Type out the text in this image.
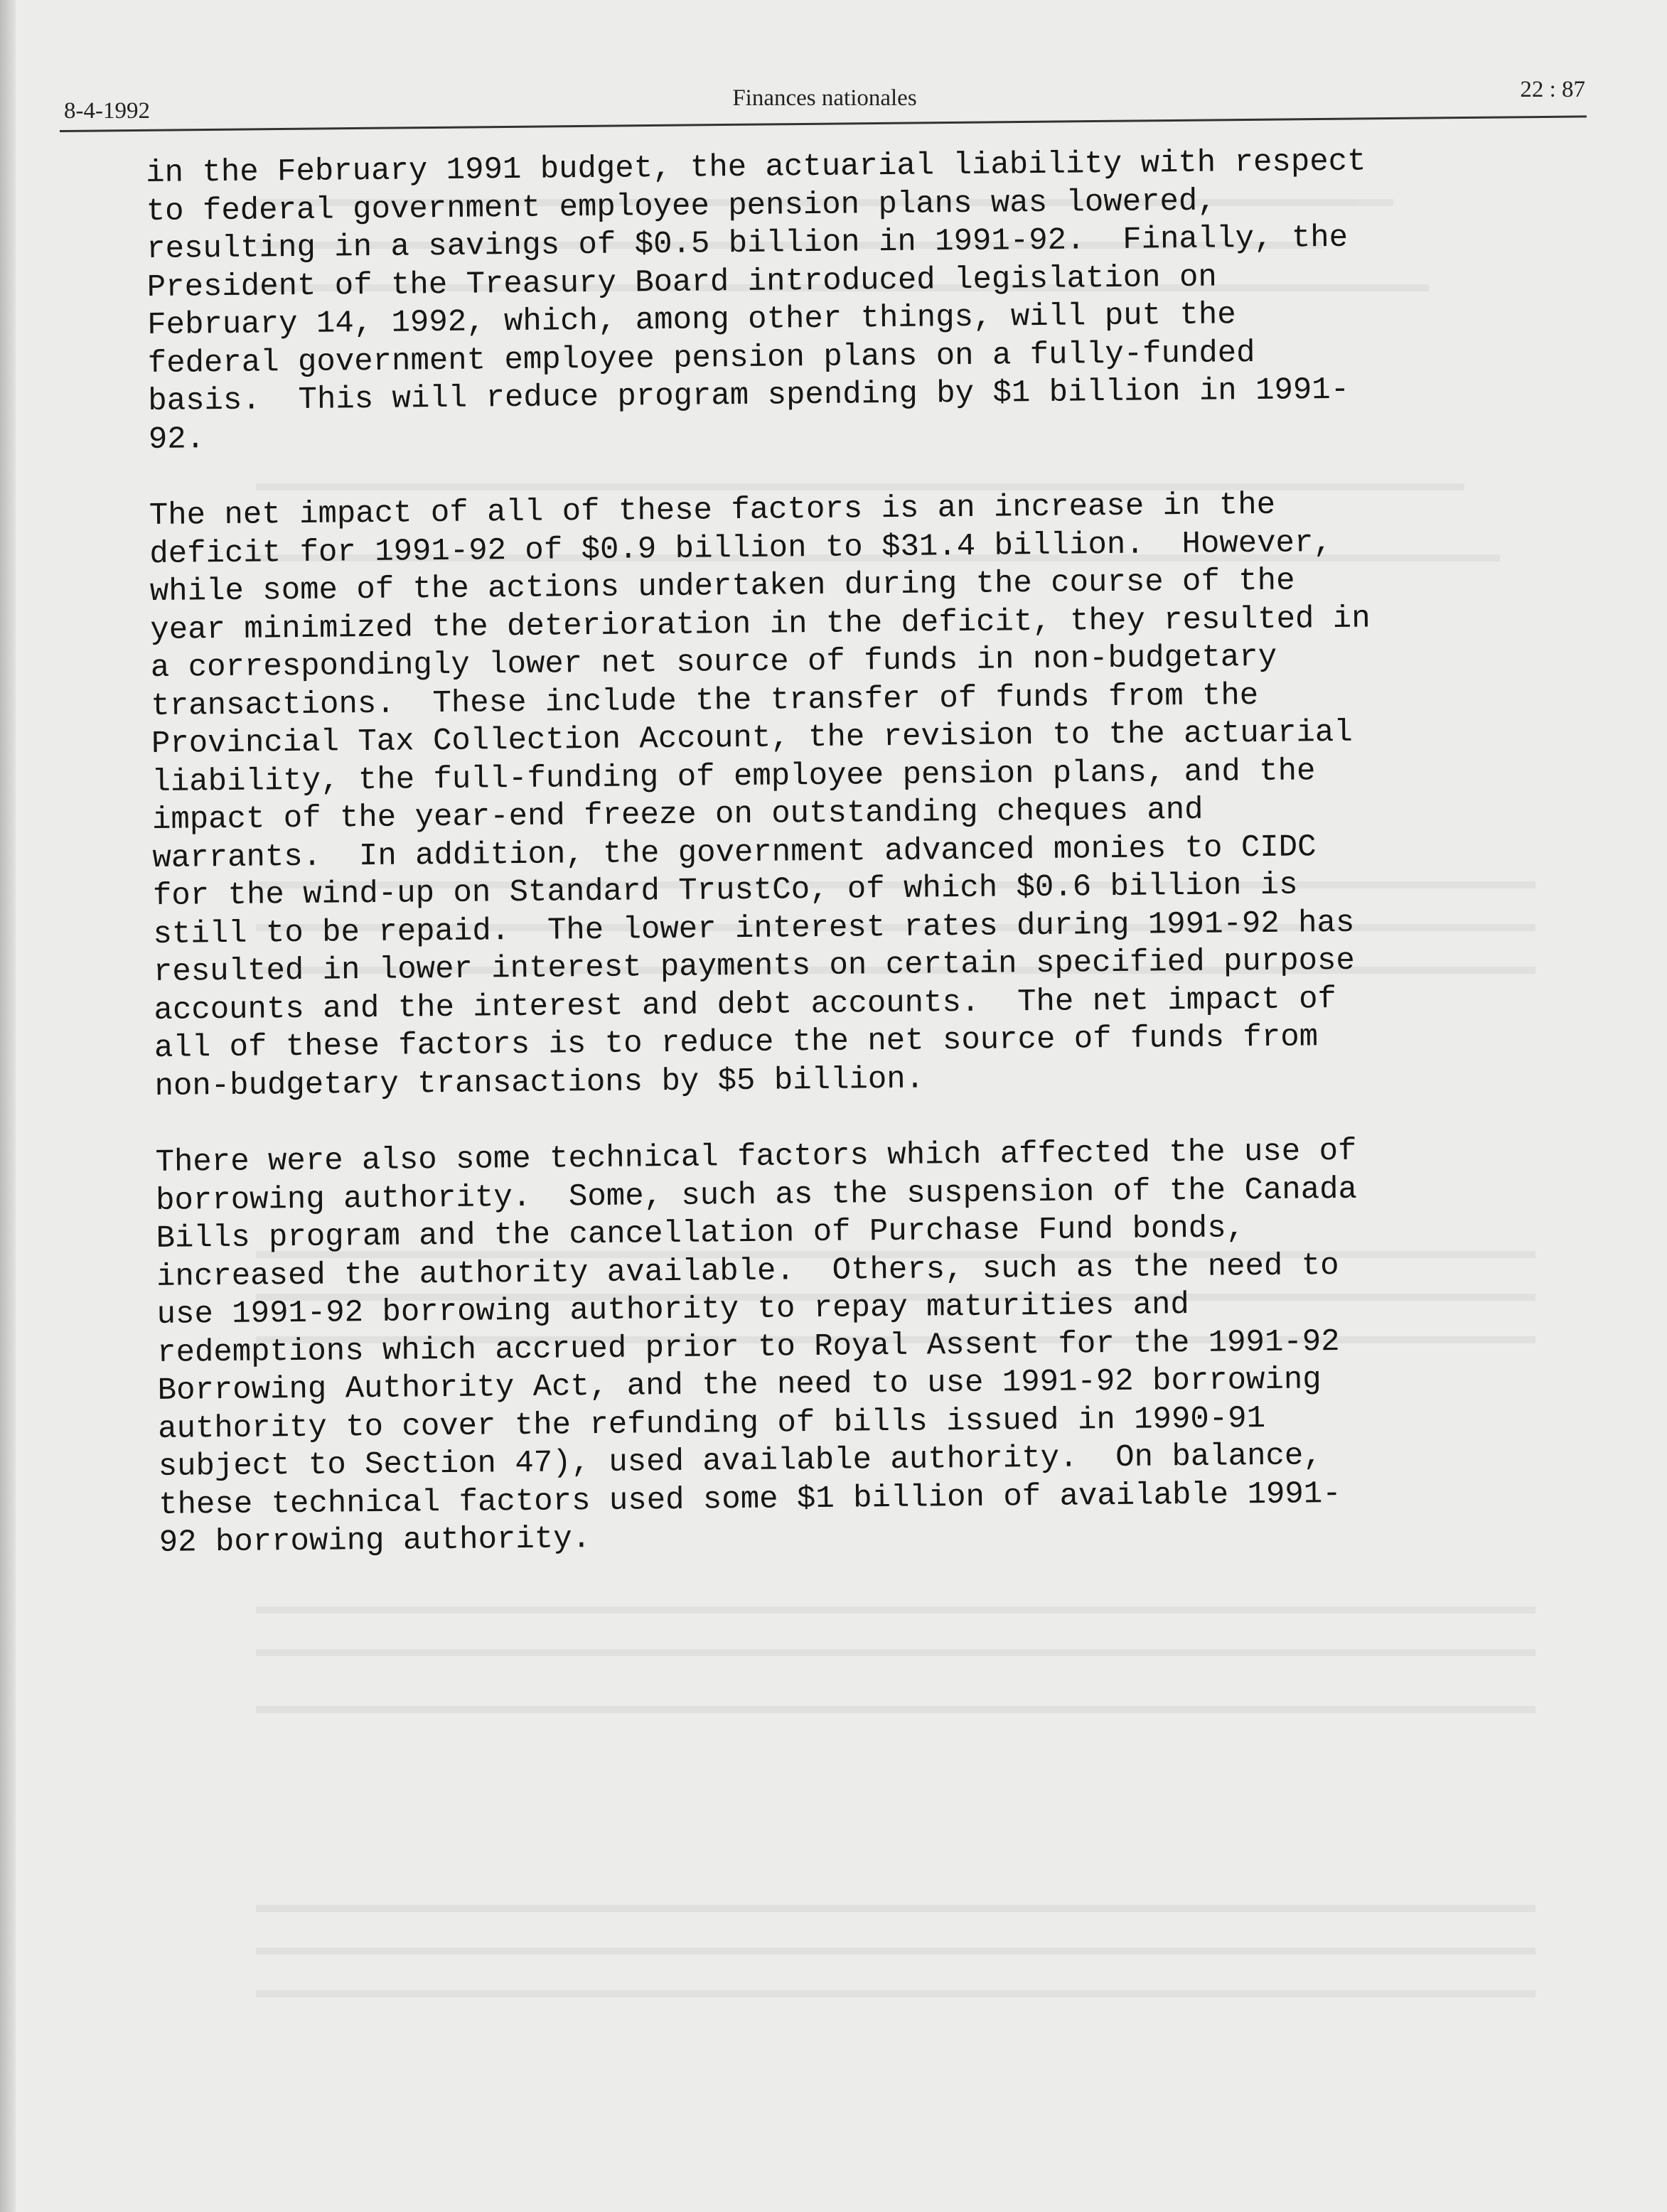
8-4-1992	Finances nationales	22 : 87

in the February 1991 budget, the actuarial liability with respect
to federal government employee pension plans was lowered,
resulting in a savings of $0.5 billion in 1991-92.  Finally, the
President of the Treasury Board introduced legislation on
February 14, 1992, which, among other things, will put the
federal government employee pension plans on a fully-funded
basis.  This will reduce program spending by $1 billion in 1991-
92.

The net impact of all of these factors is an increase in the
deficit for 1991-92 of $0.9 billion to $31.4 billion.  However,
while some of the actions undertaken during the course of the
year minimized the deterioration in the deficit, they resulted in
a correspondingly lower net source of funds in non-budgetary
transactions.  These include the transfer of funds from the
Provincial Tax Collection Account, the revision to the actuarial
liability, the full-funding of employee pension plans, and the
impact of the year-end freeze on outstanding cheques and
warrants.  In addition, the government advanced monies to CIDC
for the wind-up on Standard TrustCo, of which $0.6 billion is
still to be repaid.  The lower interest rates during 1991-92 has
resulted in lower interest payments on certain specified purpose
accounts and the interest and debt accounts.  The net impact of
all of these factors is to reduce the net source of funds from
non-budgetary transactions by $5 billion.

There were also some technical factors which affected the use of
borrowing authority.  Some, such as the suspension of the Canada
Bills program and the cancellation of Purchase Fund bonds,
increased the authority available.  Others, such as the need to
use 1991-92 borrowing authority to repay maturities and
redemptions which accrued prior to Royal Assent for the 1991-92
Borrowing Authority Act, and the need to use 1991-92 borrowing
authority to cover the refunding of bills issued in 1990-91
subject to Section 47), used available authority.  On balance,
these technical factors used some $1 billion of available 1991-
92 borrowing authority.
